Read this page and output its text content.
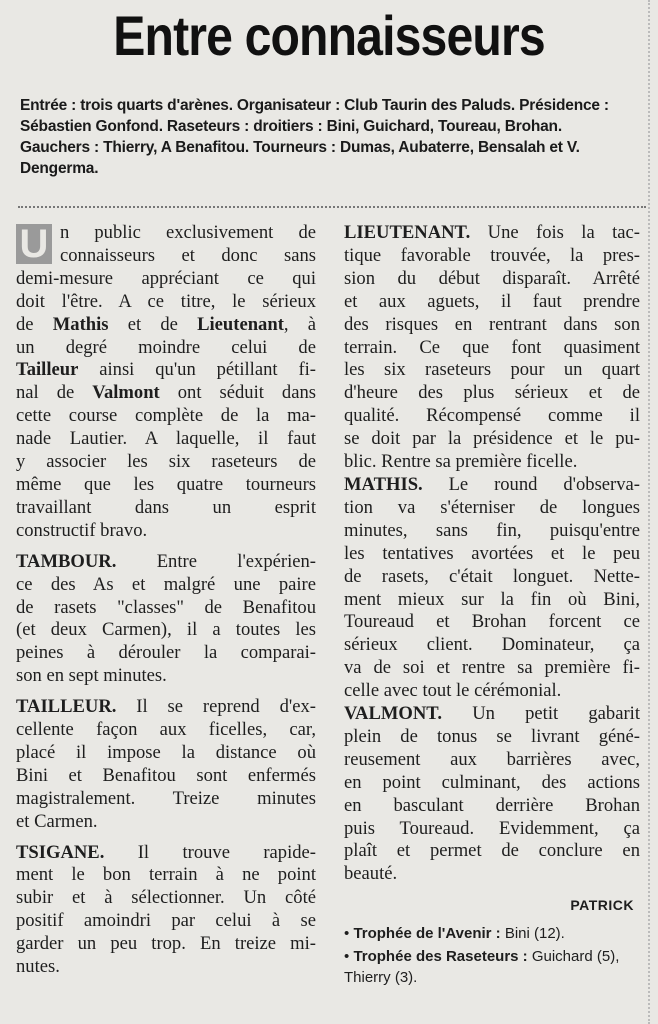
Entre connaisseurs
Entrée : trois quarts d'arènes. Organisateur : Club Taurin des Paluds. Présidence : Sébastien Gonfond. Raseteurs : droitiers : Bini, Guichard, Toureau, Brohan. Gauchers : Thierry, A Benafitou. Tourneurs : Dumas, Aubaterre, Bensalah et V. Dengerma.

U n public exclusivement de
connaisseurs et donc sans
demi-mesure appréciant ce qui
doit l'être. A ce titre, le sérieux
de Mathis et de Lieutenant, à
un degré moindre celui de
Tailleur ainsi qu'un pétillant fi-
nal de Valmont ont séduit dans
cette course complète de la ma-
nade Lautier. A laquelle, il faut
y associer les six raseteurs de
même que les quatre tourneurs
travaillant dans un esprit
constructif bravo.

TAMBOUR. Entre l'expérien-
ce des As et malgré une paire
de rasets "classes" de Benafitou
(et deux Carmen), il a toutes les
peines à dérouler la comparai-
son en sept minutes.

TAILLEUR. Il se reprend d'ex-
cellente façon aux ficelles, car,
placé il impose la distance où
Bini et Benafitou sont enfermés
magistralement. Treize minutes
et Carmen.

TSIGANE. Il trouve rapide-
ment le bon terrain à ne point
subir et à sélectionner. Un côté
positif amoindri par celui à se
garder un peu trop. En treize mi-
nutes.

LIEUTENANT. Une fois la tac-
tique favorable trouvée, la pres-
sion du début disparaît. Arrêté
et aux aguets, il faut prendre
des risques en rentrant dans son
terrain. Ce que font quasiment
les six raseteurs pour un quart
d'heure des plus sérieux et de
qualité. Récompensé comme il
se doit par la présidence et le pu-
blic. Rentre sa première ficelle.

MATHIS. Le round d'observa-
tion va s'éterniser de longues
minutes, sans fin, puisqu'entre
les tentatives avortées et le peu
de rasets, c'était longuet. Nette-
ment mieux sur la fin où Bini,
Toureaud et Brohan forcent ce
sérieux client. Dominateur, ça
va de soi et rentre sa première fi-
celle avec tout le cérémonial.

VALMONT. Un petit gabarit
plein de tonus se livrant géné-
reusement aux barrières avec,
en point culminant, des actions
en basculant derrière Brohan
puis Toureaud. Evidemment, ça
plaît et permet de conclure en
beauté.

PATRICK
• Trophée de l'Avenir : Bini (12).
• Trophée des Raseteurs : Guichard (5), Thierry (3).
